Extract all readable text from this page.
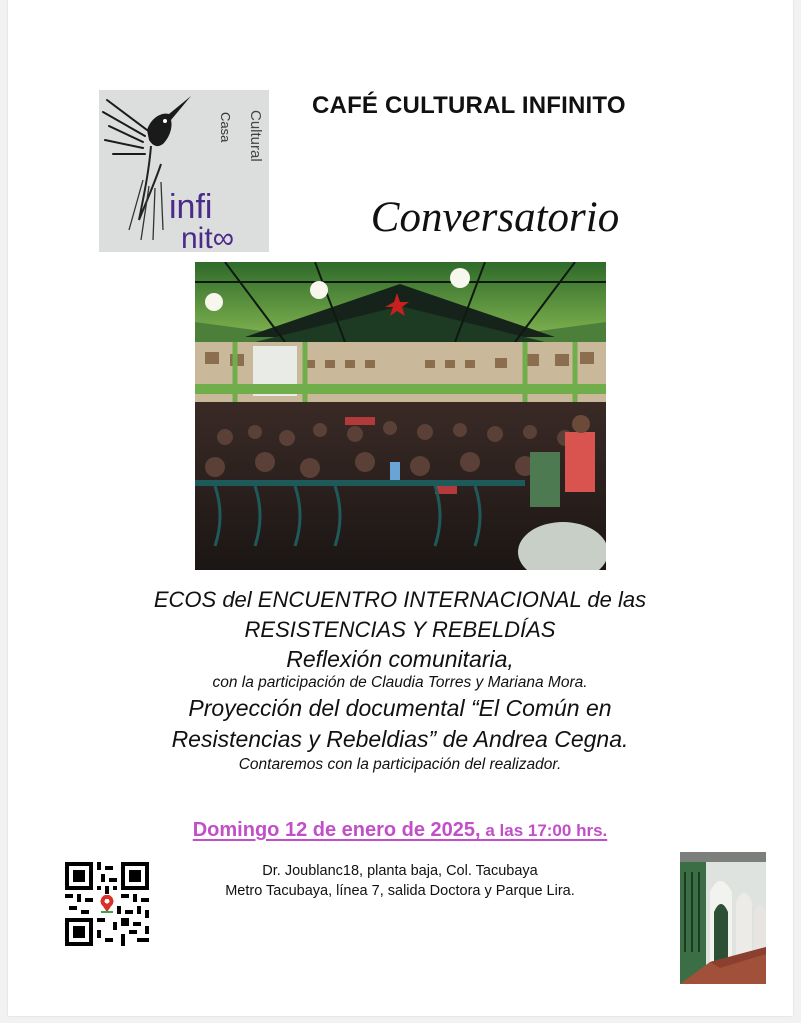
Casa Cultural
infi
nit∞
CAFÉ CULTURAL INFINITO
Conversatorio
ECOS del ENCUENTRO INTERNACIONAL de las
RESISTENCIAS Y REBELDÍAS
Reflexión comunitaria,
con la participación de Claudia Torres y Mariana Mora.
Proyección del documental “El Común en
Resistencias y Rebeldias” de Andrea Cegna.
Contaremos con la participación del realizador.
Domingo 12 de enero de 2025, a las 17:00 hrs.
Dr. Joublanc18, planta baja, Col. Tacubaya
Metro Tacubaya, línea 7, salida Doctora y Parque Lira.
